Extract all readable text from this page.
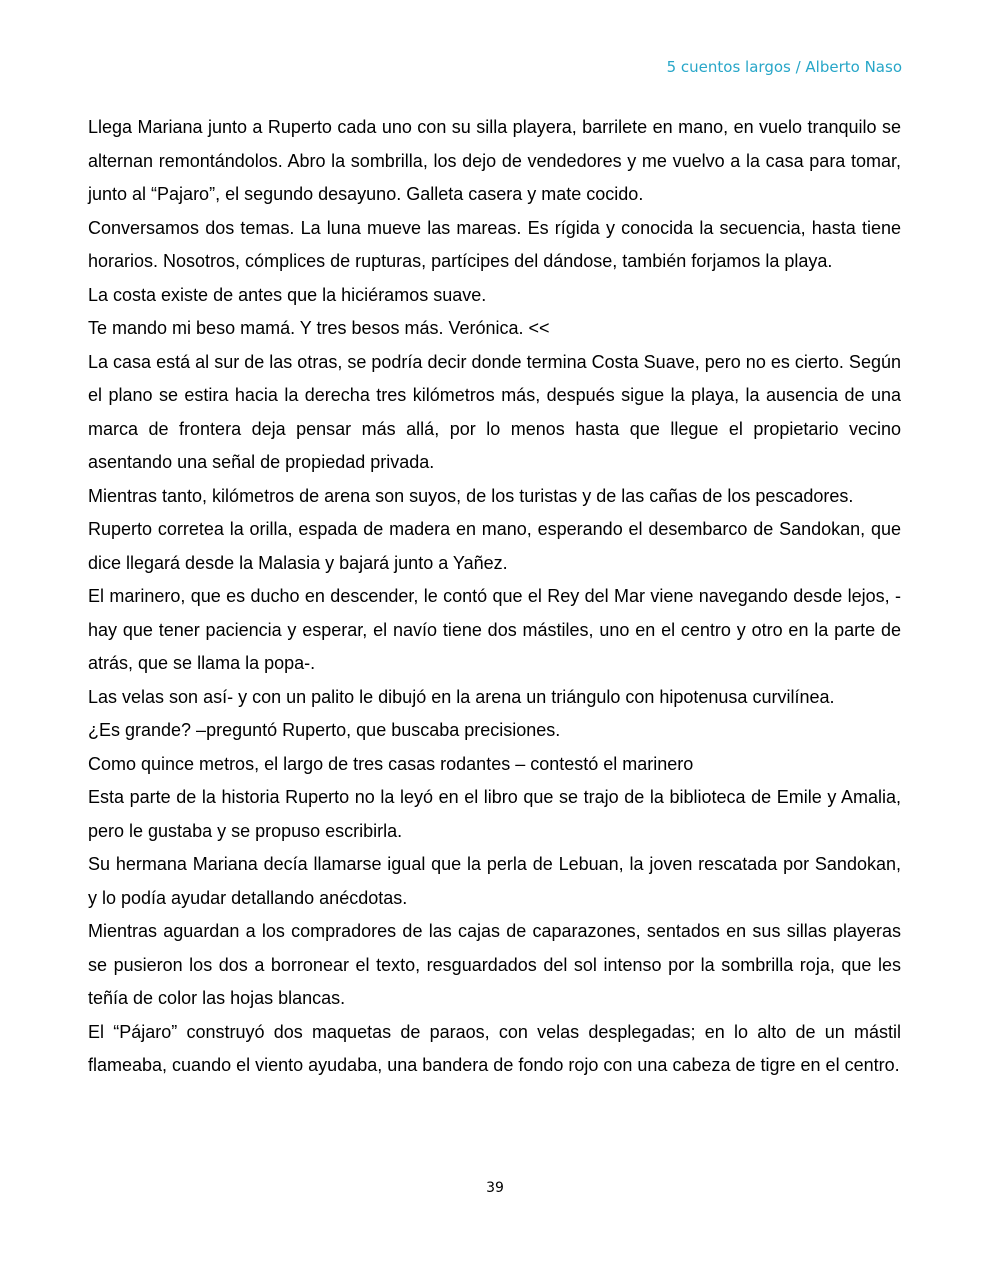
5 cuentos largos / Alberto Naso

Llega Mariana junto a Ruperto cada uno con su silla playera, barrilete en mano, en vuelo tranquilo se alternan remontándolos. Abro la sombrilla, los dejo de vendedores y me vuelvo a la casa para tomar, junto al “Pajaro”, el segundo desayuno. Galleta casera y mate cocido.

Conversamos dos temas. La luna mueve las mareas. Es rígida y conocida la secuencia, hasta tiene horarios. Nosotros, cómplices de rupturas, partícipes del dándose, también forjamos la playa.

La costa existe de antes que la hiciéramos suave.

Te mando mi beso mamá. Y tres besos más. Verónica. <<

La casa está al sur de las otras, se podría decir donde termina Costa Suave, pero no es cierto. Según el plano se estira hacia la derecha tres kilómetros más, después sigue la playa, la ausencia de una marca de frontera deja pensar más allá, por lo menos hasta que llegue el propietario vecino asentando una señal de propiedad privada.

Mientras tanto, kilómetros de arena son suyos, de los turistas y de las cañas de los pescadores.

Ruperto corretea la orilla, espada de madera en mano, esperando el desembarco de Sandokan, que dice llegará desde la Malasia y bajará junto a Yañez.

El marinero, que es ducho en descender, le contó que el Rey del Mar viene navegando desde lejos, -hay que tener paciencia y esperar, el navío tiene dos mástiles, uno en el centro y otro en la parte de atrás, que se llama la popa-.

Las velas son así- y con un palito le dibujó en la arena un triángulo con hipotenusa curvilínea.

¿Es grande? –preguntó Ruperto, que buscaba precisiones.

Como quince metros, el largo de tres casas rodantes – contestó el marinero

Esta parte de la historia Ruperto no la leyó en el libro que se trajo de la biblioteca de Emile y Amalia, pero le gustaba y se propuso escribirla.

Su hermana Mariana decía llamarse igual que la perla de Lebuan, la joven rescatada por Sandokan, y lo podía ayudar detallando anécdotas.

Mientras aguardan a los compradores de las cajas de caparazones, sentados en sus sillas playeras se pusieron los dos a borronear el texto, resguardados del sol intenso por la sombrilla roja, que les teñía de color las hojas blancas.

El “Pájaro” construyó dos maquetas de paraos, con velas desplegadas; en lo alto de un mástil flameaba, cuando el viento ayudaba, una bandera de fondo rojo con una cabeza de tigre en el centro.

39
